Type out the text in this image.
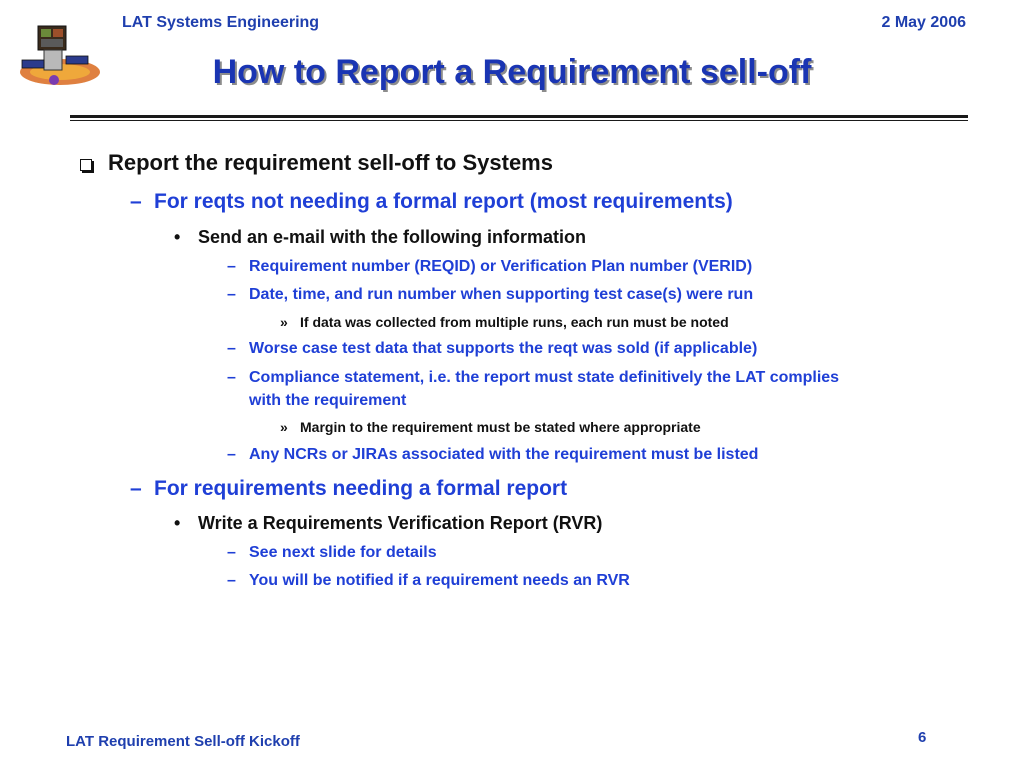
LAT Systems Engineering	2 May 2006
How to Report a Requirement sell-off
Report the requirement sell-off to Systems
– For reqts not needing a formal report (most requirements)
• Send an e-mail with the following information
– Requirement number (REQID) or Verification Plan number (VERID)
– Date, time, and run number when supporting test case(s) were run
» If data was collected from multiple runs, each run must be noted
– Worse case test data that supports the reqt was sold (if applicable)
– Compliance statement, i.e. the report must state definitively the LAT complies
with the requirement
» Margin to the requirement must be stated where appropriate
– Any NCRs or JIRAs associated with the requirement must be listed
– For requirements needing a formal report
• Write a Requirements Verification Report (RVR)
– See next slide for details
– You will be notified if a requirement needs an RVR
LAT Requirement Sell-off Kickoff	6
